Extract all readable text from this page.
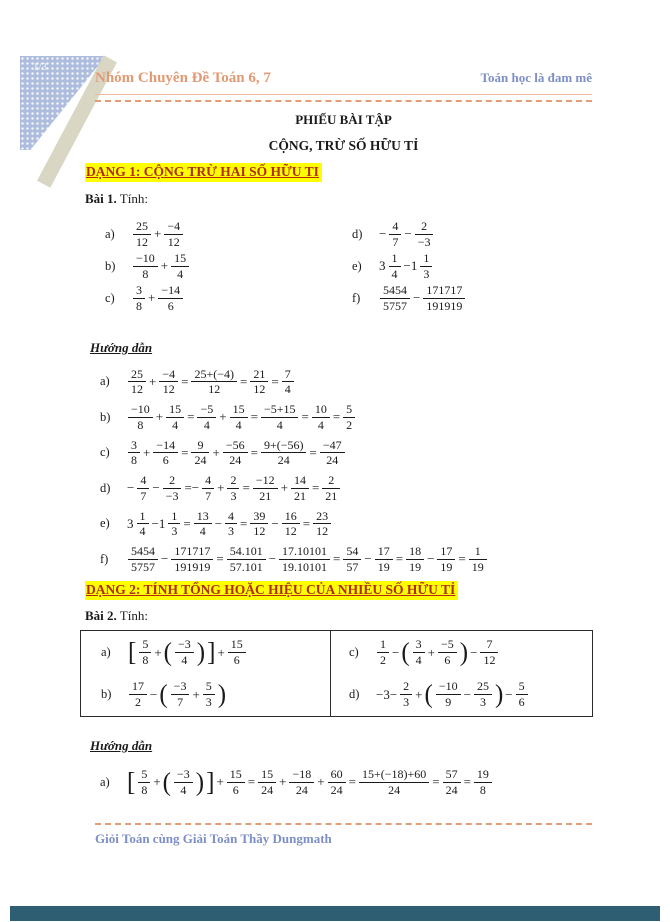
1/3
Nhóm Chuyên Đề Toán 6, 7	Toán học là đam mê
PHIẾU BÀI TẬP
CỘNG, TRỪ SỐ HỮU TỈ
DẠNG 1: CỘNG TRỪ HAI SỐ HỮU TI
Bài 1. Tính:
a)	$\frac{25}{12} + \frac{-4}{12}$
b)	$\frac{-10}{8} + \frac{15}{4}$
c)	$\frac{3}{8} + \frac{-14}{6}$
d)	− $\frac{4}{7} - \frac{2}{-3}$
e)	$3 \frac{1}{4} -1 \frac{1}{3}$
f)	$\frac{5454}{5757} - \frac{171717}{191919}$
Hướng dẫn
a)	$\frac{25}{12} + \frac{-4}{12} = \frac{25+(-4)}{12} = \frac{21}{12} = \frac{7}{4}$
b)	$\frac{-10}{8} + \frac{15}{4} = \frac{-5}{4} + \frac{15}{4} = \frac{-5+15}{4} = \frac{10}{4} = \frac{5}{2}$
c)	$\frac{3}{8} + \frac{-14}{6} = \frac{9}{24} + \frac{-56}{24} = \frac{9+(-56)}{24} = \frac{-47}{24}$
d)	− $\frac{4}{7} - \frac{2}{-3} =- \frac{4}{7} + \frac{2}{3} = \frac{-12}{21} + \frac{14}{21} = \frac{2}{21}$
e)	$3 \frac{1}{4} -1 \frac{1}{3} = \frac{13}{4} - \frac{4}{3} = \frac{39}{12} - \frac{16}{12} = \frac{23}{12}$
f)	$\frac{5454}{5757} - \frac{171717}{191919} = \frac{54.101}{57.101} - \frac{17.10101}{19.10101} = \frac{54}{57} - \frac{17}{19} = \frac{18}{19} - \frac{17}{19} = \frac{1}{19}$
DẠNG 2: TÍNH TỔNG HOẶC HIỆU CỦA NHIỀU SỐ HỮU TỈ
Bài 2. Tính:
a) [ $\frac{5}{8}$ + ( $\frac{-3}{4}$ ) ] + $\frac{15}{6}$
b)	$\frac{17}{2}$ − ( $\frac{-3}{7} + \frac{5}{3}$ )
c)	$\frac{1}{2}$ − ( $\frac{3}{4} + \frac{-5}{6}$ ) − $\frac{7}{12}$
d)	$-3- \frac{2}{3}$ + ( $\frac{-10}{9} - \frac{25}{3}$ ) − $\frac{5}{6}$
Hướng dẫn
a) [ $\frac{5}{8}$ + ( $\frac{-3}{4}$ ) ] + $\frac{15}{6} = \frac{15}{24} + \frac{-18}{24} + \frac{60}{24} = \frac{15+(-18)+60}{24} = \frac{57}{24} = \frac{19}{8}$
Giỏi Toán cùng Giải Toán Thầy Dungmath
